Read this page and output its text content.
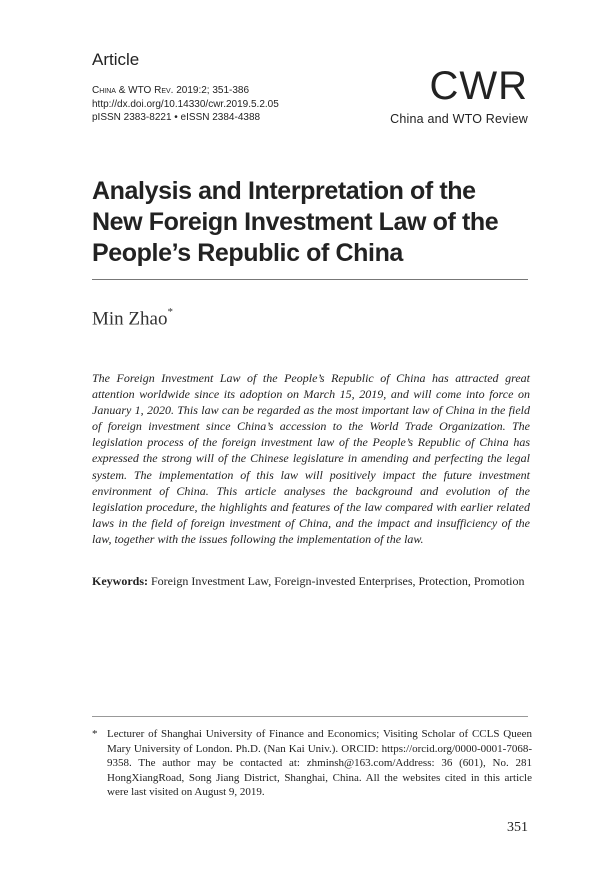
Article
China & WTO Rev. 2019:2; 351-386
http://dx.doi.org/10.14330/cwr.2019.5.2.05
pISSN 2383-8221 • eISSN 2384-4388
CWR
China and WTO Review
Analysis and Interpretation of the New Foreign Investment Law of the People’s Republic of China
Min Zhao*
The Foreign Investment Law of the People’s Republic of China has attracted great attention worldwide since its adoption on March 15, 2019, and will come into force on January 1, 2020. This law can be regarded as the most important law of China in the field of foreign investment since China’s accession to the World Trade Organization. The legislation process of the foreign investment law of the People’s Republic of China has expressed the strong will of the Chinese legislature in amending and perfecting the legal system. The implementation of this law will positively impact the future investment environment of China. This article analyses the background and evolution of the legislation procedure, the highlights and features of the law compared with earlier related laws in the field of foreign investment of China, and the impact and insufficiency of the law, together with the issues following the implementation of the law.
Keywords: Foreign Investment Law, Foreign-invested Enterprises, Protection, Promotion
* Lecturer of Shanghai University of Finance and Economics; Visiting Scholar of CCLS Queen Mary University of London. Ph.D. (Nan Kai Univ.). ORCID: https://orcid.org/0000-0001-7068-9358. The author may be contacted at: zhminsh@163.com/Address: 36 (601), No. 281 HongXiangRoad, Song Jiang District, Shanghai, China. All the websites cited in this article were last visited on August 9, 2019.
351
